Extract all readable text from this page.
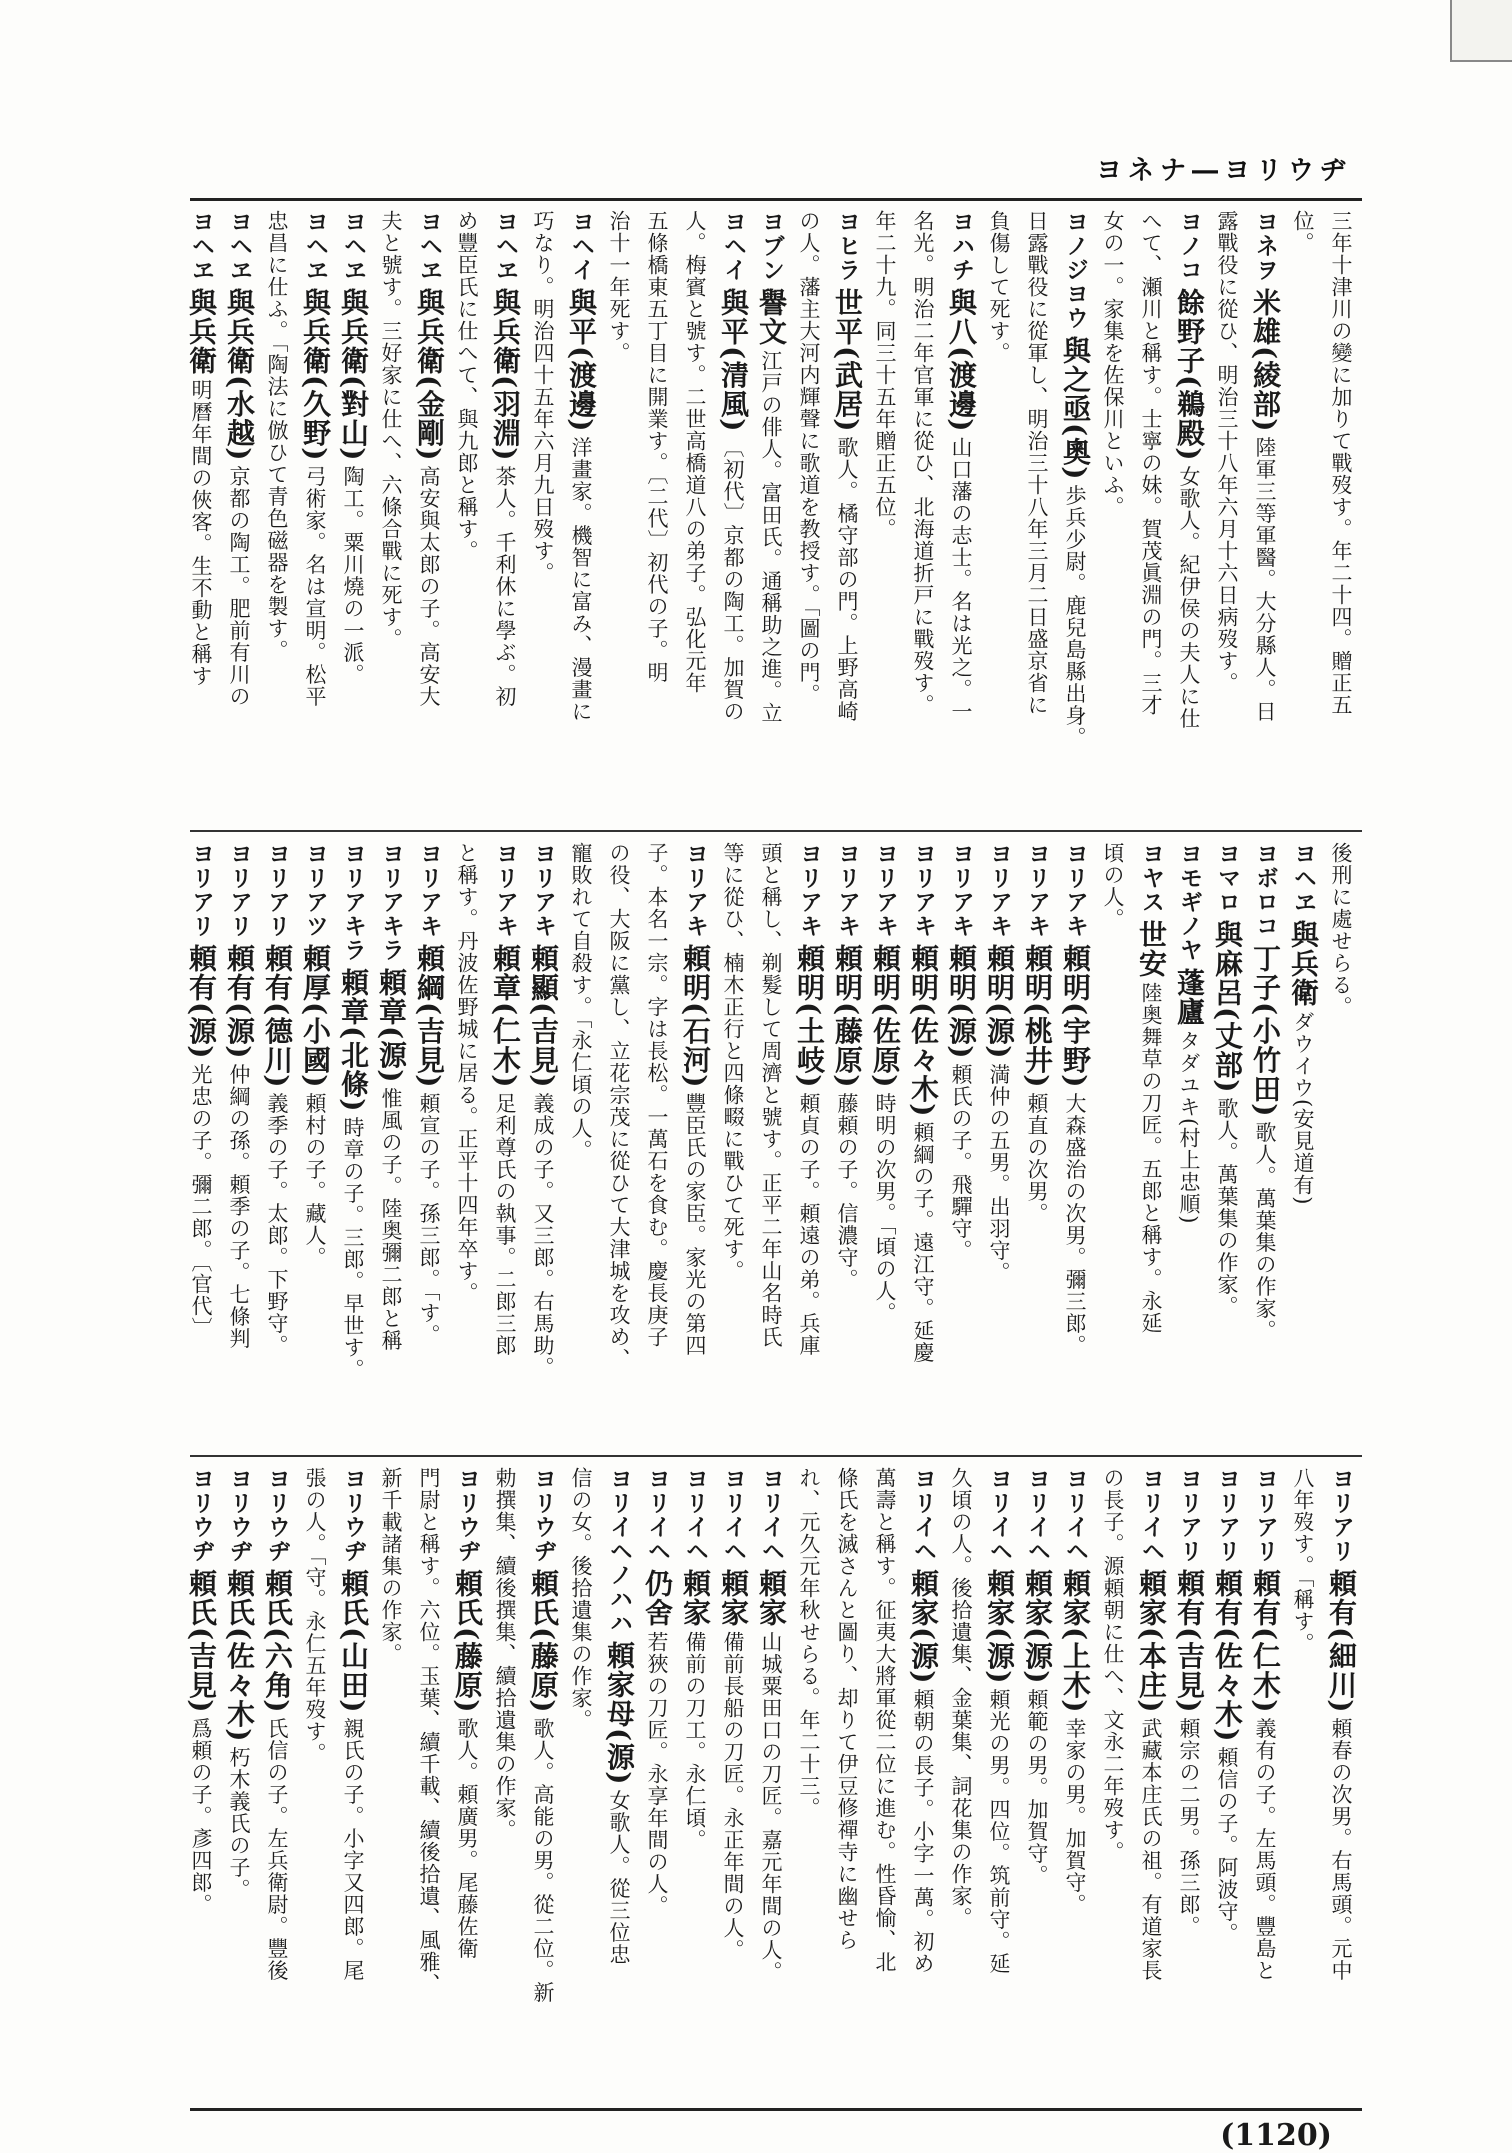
ヨネナ―ヨリウヂ
三年十津川の變に加りて戰歿す。年二十四。贈正五
位。
ヨネヲ米雄(綾部)陸軍三等軍醫。大分縣人。日
露戰役に從ひ、明治三十八年六月十六日病歿す。
ヨノコ餘野子(鵜殿)女歌人。紀伊侯の夫人に仕
へて、瀬川と稱す。士寧の妹。賀茂眞淵の門。三才
女の一。家集を佐保川といふ。
ヨノジヨウ與之亟(奧)歩兵少尉。鹿兒島縣出身。
日露戰役に從軍し、明治三十八年三月二日盛京省に
負傷して死す。
ヨハチ與八(渡邊)山口藩の志士。名は光之。一
名光。明治二年官軍に從ひ、北海道折戸に戰歿す。
年二十九。同三十五年贈正五位。
ヨヒラ世平(武居)歌人。橘守部の門。上野高崎
の人。藩主大河内輝聲に歌道を教授す。「圖の門。
ヨブン譽文江戸の俳人。富田氏。通稱助之進。立
ヨヘイ與平(清風)〔初代〕京都の陶工。加賀の
人。梅賓と號す。二世高橋道八の弟子。弘化元年
五條橋東五丁目に開業す。〔二代〕初代の子。明
治十一年死す。
ヨヘイ與平(渡邊)洋畫家。機智に富み、漫畫に
巧なり。明治四十五年六月九日歿す。
ヨヘヱ與兵衛(羽淵)茶人。千利休に學ぶ。初
め豐臣氏に仕へて、與九郎と稱す。
ヨヘヱ與兵衛(金剛)高安與太郎の子。高安大
夫と號す。三好家に仕へ、六條合戰に死す。
ヨヘヱ與兵衛(對山)陶工。粟川燒の一派。
ヨヘヱ與兵衛(久野)弓術家。名は宣明。松平
忠昌に仕ふ。「陶法に倣ひて青色磁器を製す。
ヨヘヱ與兵衛(水越)京都の陶工。肥前有川の
ヨヘヱ與兵衛明曆年間の俠客。生不動と稱す
後刑に處せらる。
ヨヘヱ與兵衛ダウイウ(安見道有)
ヨボロコ丁子(小竹田)歌人。萬葉集の作家。
ヨマロ與麻呂(丈部)歌人。萬葉集の作家。
ヨモギノヤ蓬廬タダユキ(村上忠順)
ヨヤス世安陸奥舞草の刀匠。五郎と稱す。永延
頃の人。
ヨリアキ頼明(宇野)大森盛治の次男。彌三郎。
ヨリアキ頼明(桃井)頼直の次男。
ヨリアキ頼明(源)満仲の五男。出羽守。
ヨリアキ頼明(源)頼氏の子。飛驒守。
ヨリアキ頼明(佐々木)頼綱の子。遠江守。延慶
ヨリアキ頼明(佐原)時明の次男。「頃の人。
ヨリアキ頼明(藤原)藤頼の子。信濃守。
ヨリアキ頼明(土岐)頼貞の子。頼遠の弟。兵庫
頭と稱し、剃髮して周濟と號す。正平二年山名時氏
等に從ひ、楠木正行と四條畷に戰ひて死す。
ヨリアキ頼明(石河)豐臣氏の家臣。家光の第四
子。本名一宗。字は長松。一萬石を食む。慶長庚子
の役、大阪に黨し、立花宗茂に從ひて大津城を攻め、
寵敗れて自殺す。「永仁頃の人。
ヨリアキ頼顯(吉見)義成の子。又三郎。右馬助。
ヨリアキ頼章(仁木)足利尊氏の執事。二郎三郎
と稱す。丹波佐野城に居る。正平十四年卒す。
ヨリアキ頼綱(吉見)頼宣の子。孫三郎。「す。
ヨリアキラ頼章(源)惟風の子。陸奥彌二郎と稱
ヨリアキラ頼章(北條)時章の子。三郎。早世す。
ヨリアツ頼厚(小國)頼村の子。藏人。
ヨリアリ頼有(德川)義季の子。太郎。下野守。
ヨリアリ頼有(源)仲綱の孫。頼季の子。七條判
ヨリアリ頼有(源)光忠の子。彌二郎。〔官代〕
ヨリアリ頼有(細川)頼春の次男。右馬頭。元中
八年歿す。「稱す。
ヨリアリ頼有(仁木)義有の子。左馬頭。豐島と
ヨリアリ頼有(佐々木)頼信の子。阿波守。
ヨリアリ頼有(吉見)頼宗の二男。孫三郎。
ヨリイヘ頼家(本庄)武藏本庄氏の祖。有道家長
の長子。源頼朝に仕へ、文永二年歿す。
ヨリイヘ頼家(上木)幸家の男。加賀守。
ヨリイヘ頼家(源)頼範の男。加賀守。
ヨリイヘ頼家(源)頼光の男。四位。筑前守。延
久頃の人。後拾遺集、金葉集、詞花集の作家。
ヨリイヘ頼家(源)頼朝の長子。小字一萬。初め
萬壽と稱す。征夷大將軍從二位に進む。性昏愉、北
條氏を滅さんと圖り、却りて伊豆修禪寺に幽せら
れ、元久元年秋せらる。年二十三。
ヨリイヘ頼家山城粟田口の刀匠。嘉元年間の人。
ヨリイヘ頼家備前長船の刀匠。永正年間の人。
ヨリイヘ頼家備前の刀工。永仁頃。
ヨリイヘ仍舍若狹の刀匠。永享年間の人。
ヨリイヘノハハ頼家母(源)女歌人。從三位忠
信の女。後拾遺集の作家。
ヨリウヂ頼氏(藤原)歌人。高能の男。從二位。新
勅撰集、續後撰集、續拾遺集の作家。
ヨリウヂ頼氏(藤原)歌人。頼廣男。尾藤佐衛
門尉と稱す。六位。玉葉、續千載、續後拾遺、風雅、
新千載諸集の作家。
ヨリウヂ頼氏(山田)親氏の子。小字又四郎。尾
張の人。「守。永仁五年歿す。
ヨリウヂ頼氏(六角)氏信の子。左兵衛尉。豐後
ヨリウヂ頼氏(佐々木)朽木義氏の子。
ヨリウヂ頼氏(吉見)爲頼の子。彥四郎。
(1120)
